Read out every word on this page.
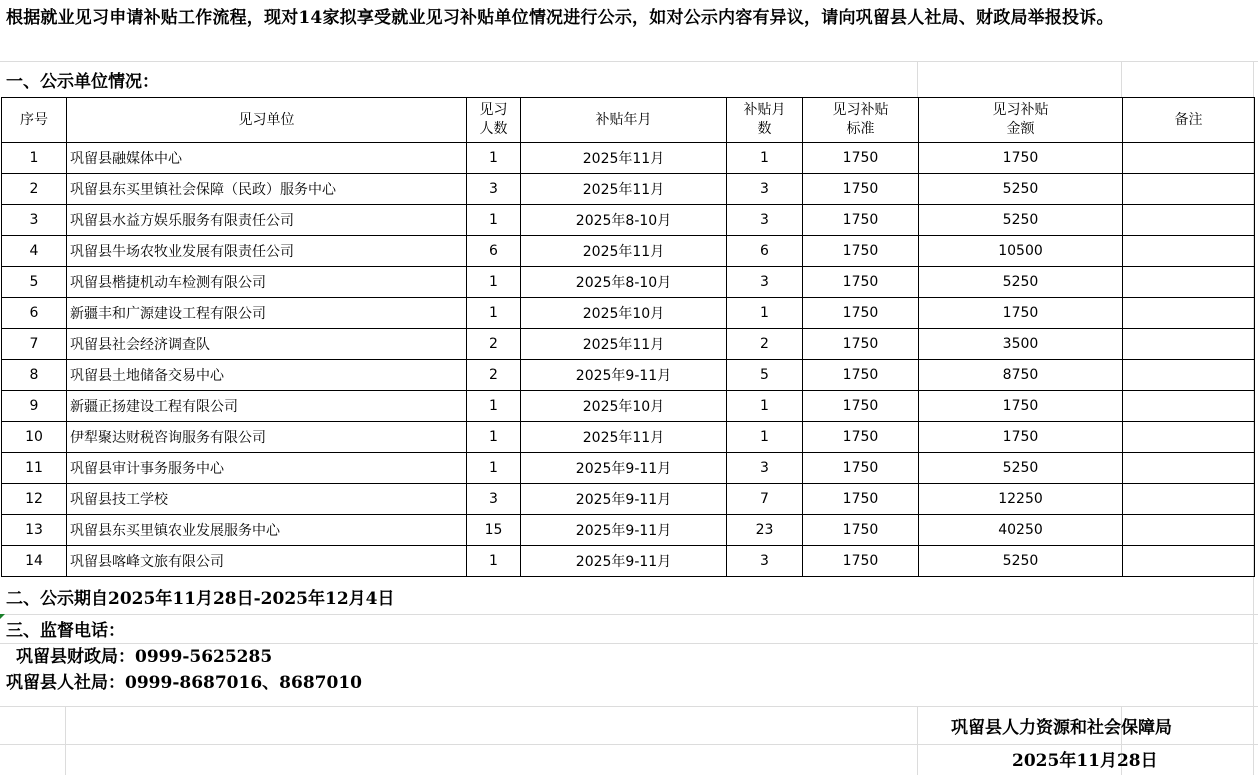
根据就业见习申请补贴工作流程，现对14家拟享受就业见习补贴单位情况进行公示，如对公示内容有异议，请向巩留县人社局、财政局举报投诉。
一、公示单位情况：
序号	见习单位	见习人数	补贴年月	补贴月数	见习补贴标准	见习补贴金额	备注
1	巩留县融媒体中心	1	2025年11月	1	1750	1750	
2	巩留县东买里镇社会保障（民政）服务中心	3	2025年11月	3	1750	5250	
3	巩留县水益方娱乐服务有限责任公司	1	2025年8-10月	3	1750	5250	
4	巩留县牛场农牧业发展有限责任公司	6	2025年11月	6	1750	10500	
5	巩留县楷捷机动车检测有限公司	1	2025年8-10月	3	1750	5250	
6	新疆丰和广源建设工程有限公司	1	2025年10月	1	1750	1750	
7	巩留县社会经济调查队	2	2025年11月	2	1750	3500	
8	巩留县土地储备交易中心	2	2025年9-11月	5	1750	8750	
9	新疆正扬建设工程有限公司	1	2025年10月	1	1750	1750	
10	伊犁聚达财税咨询服务有限公司	1	2025年11月	1	1750	1750	
11	巩留县审计事务服务中心	1	2025年9-11月	3	1750	5250	
12	巩留县技工学校	3	2025年9-11月	7	1750	12250	
13	巩留县东买里镇农业发展服务中心	15	2025年9-11月	23	1750	40250	
14	巩留县喀峰文旅有限公司	1	2025年9-11月	3	1750	5250	
二、公示期自2025年11月28日-2025年12月4日
三、监督电话：
巩留县财政局：0999-5625285
巩留县人社局：0999-8687016、8687010
巩留县人力资源和社会保障局
2025年11月28日
